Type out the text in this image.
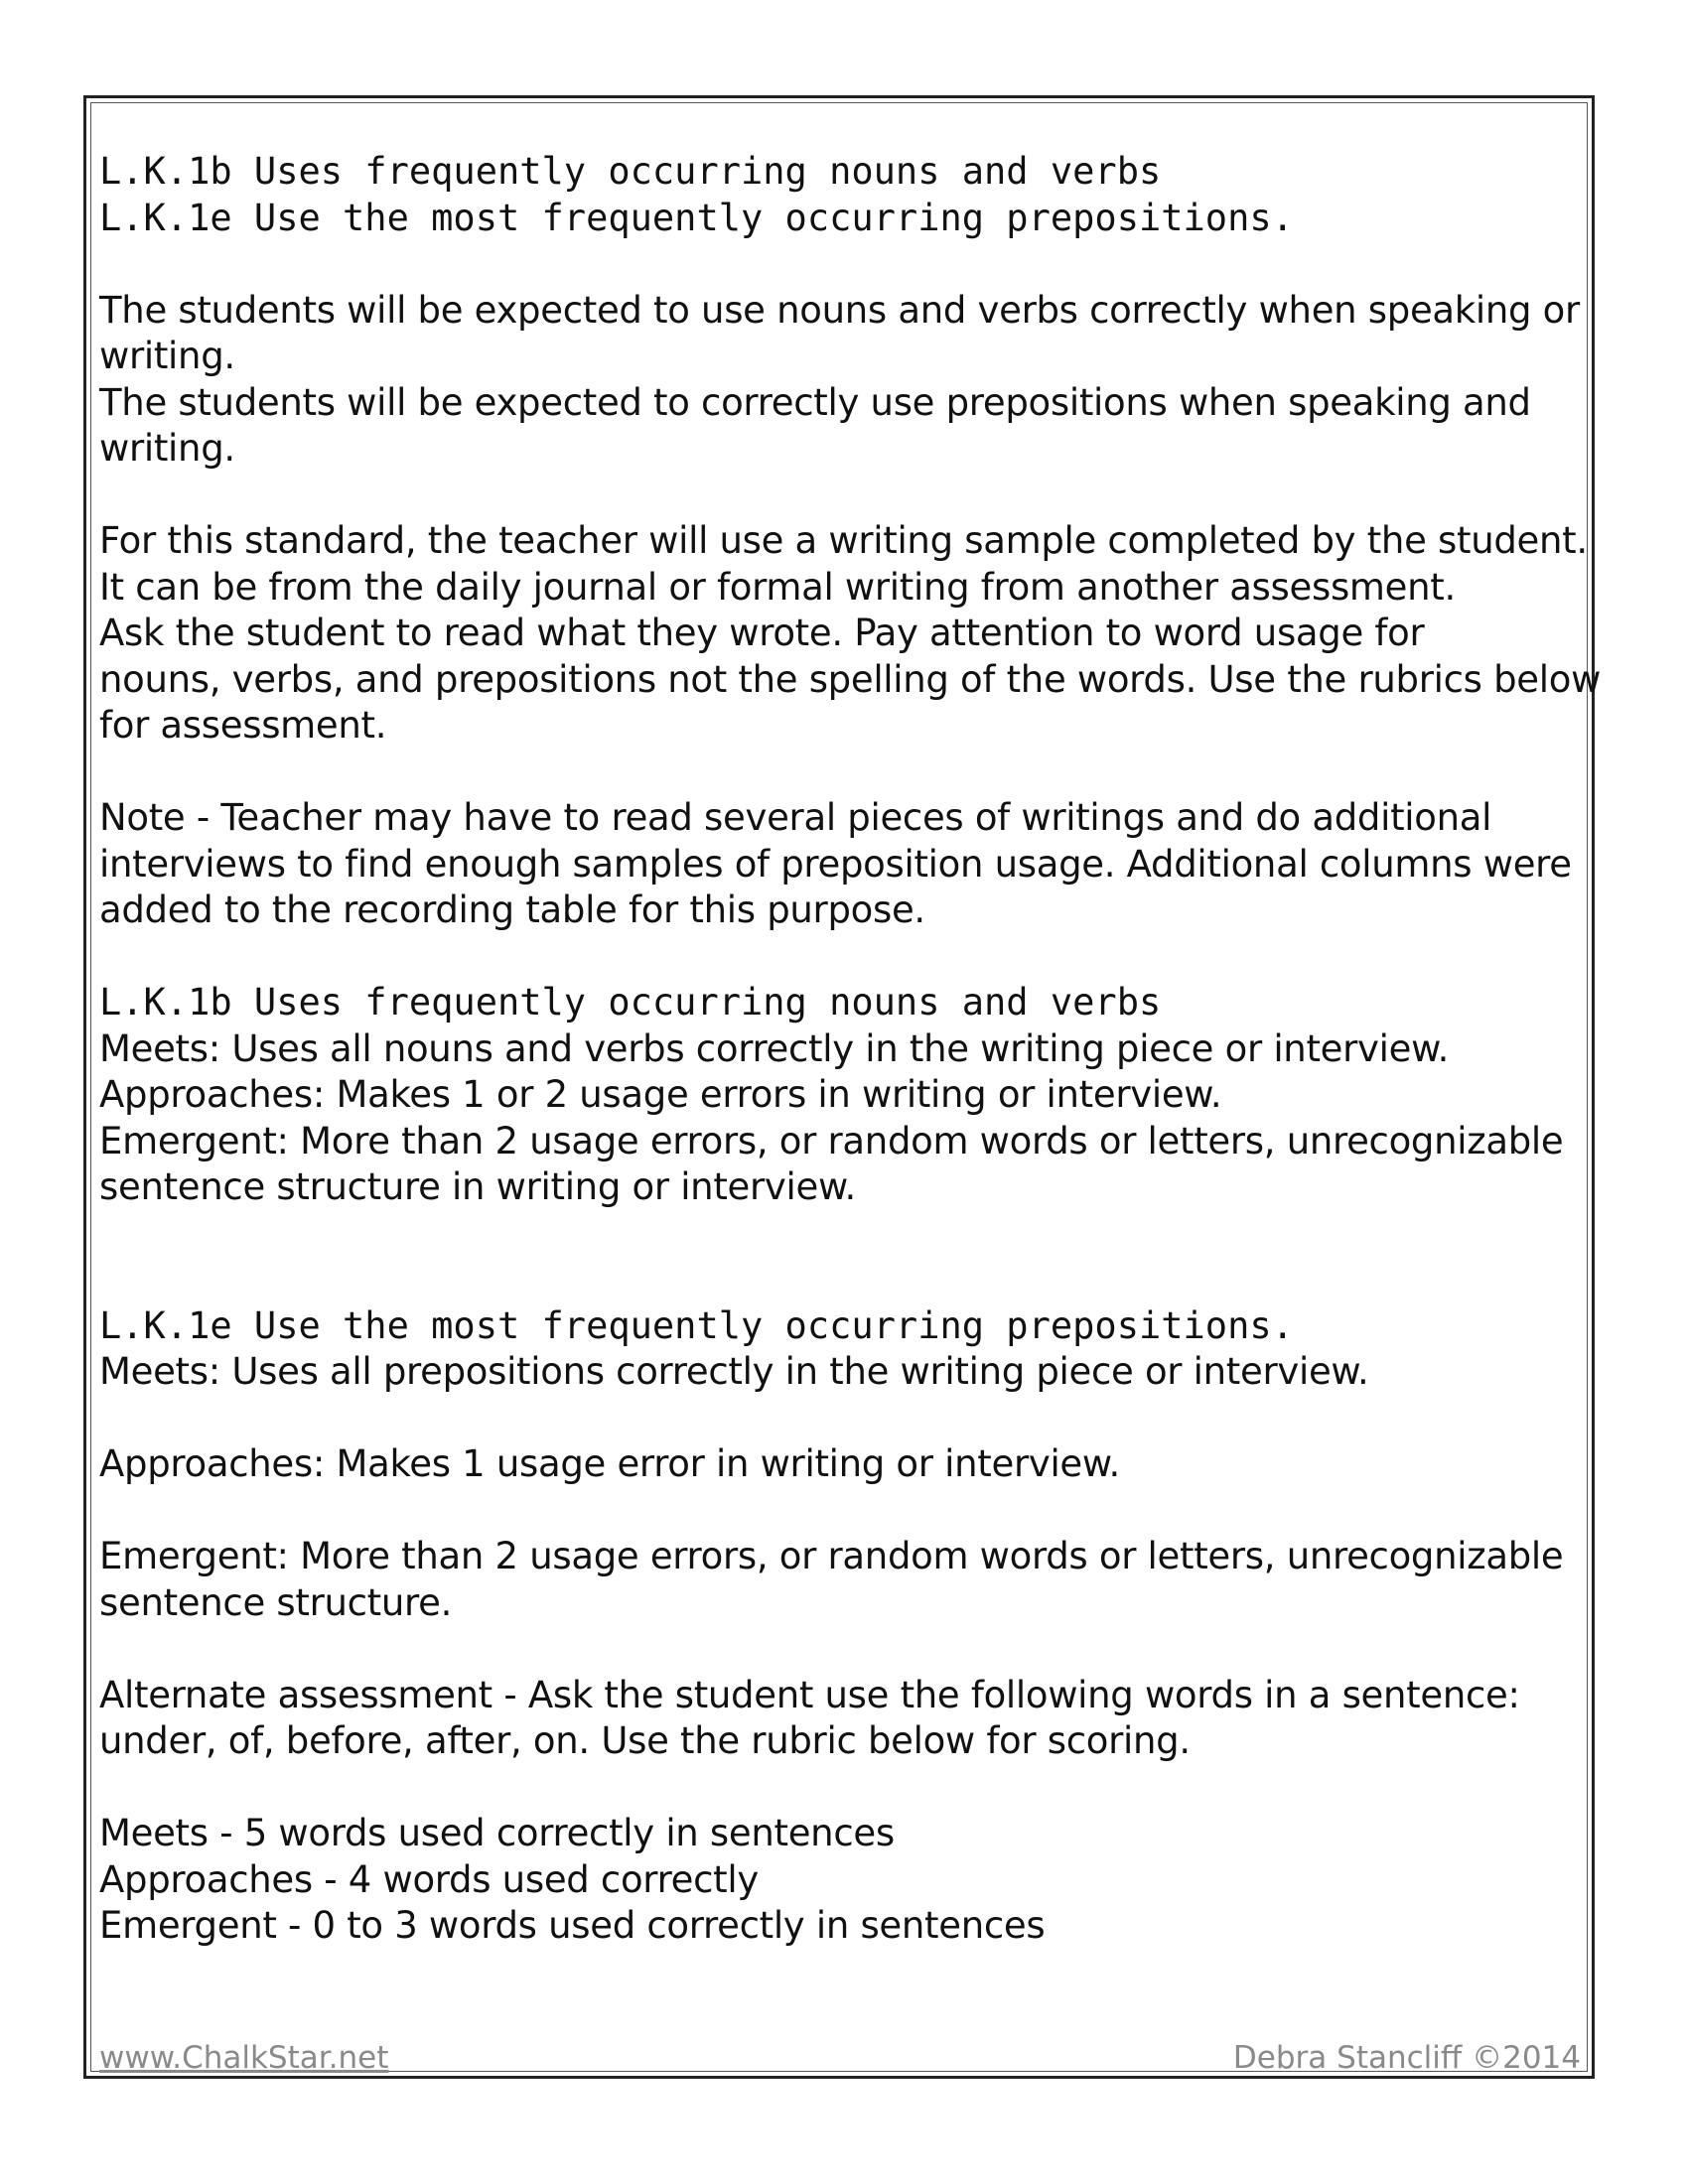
L.K.1b Uses frequently occurring nouns and verbs

L.K.1e Use the most frequently occurring prepositions.

The students will be expected to use nouns and verbs correctly when speaking or

writing.

The students will be expected to correctly use prepositions when speaking and

writing.

For this standard, the teacher will use a writing sample completed by the student.

It can be from the daily journal or formal writing from another assessment.

Ask the student to read what they wrote. Pay attention to word usage for

nouns, verbs, and prepositions not the spelling of the words. Use the rubrics below

for assessment.

Note - Teacher may have to read several pieces of writings and do additional

interviews to find enough samples of preposition usage. Additional columns were

added to the recording table for this purpose.

L.K.1b Uses frequently occurring nouns and verbs

Meets: Uses all nouns and verbs correctly in the writing piece or interview.

Approaches: Makes 1 or 2 usage errors in writing or interview.

Emergent: More than 2 usage errors, or random words or letters, unrecognizable

sentence structure in writing or interview.

L.K.1e Use the most frequently occurring prepositions.

Meets: Uses all prepositions correctly in the writing piece or interview.

Approaches: Makes 1 usage error in writing or interview.

Emergent: More than 2 usage errors, or random words or letters, unrecognizable

sentence structure.

Alternate assessment - Ask the student use the following words in a sentence:

under, of, before, after, on. Use the rubric below for scoring.

Meets - 5 words used correctly in sentences

Approaches - 4 words used correctly

Emergent - 0 to 3 words used correctly in sentences

www.ChalkStar.net	Debra Stancliff ©2014
